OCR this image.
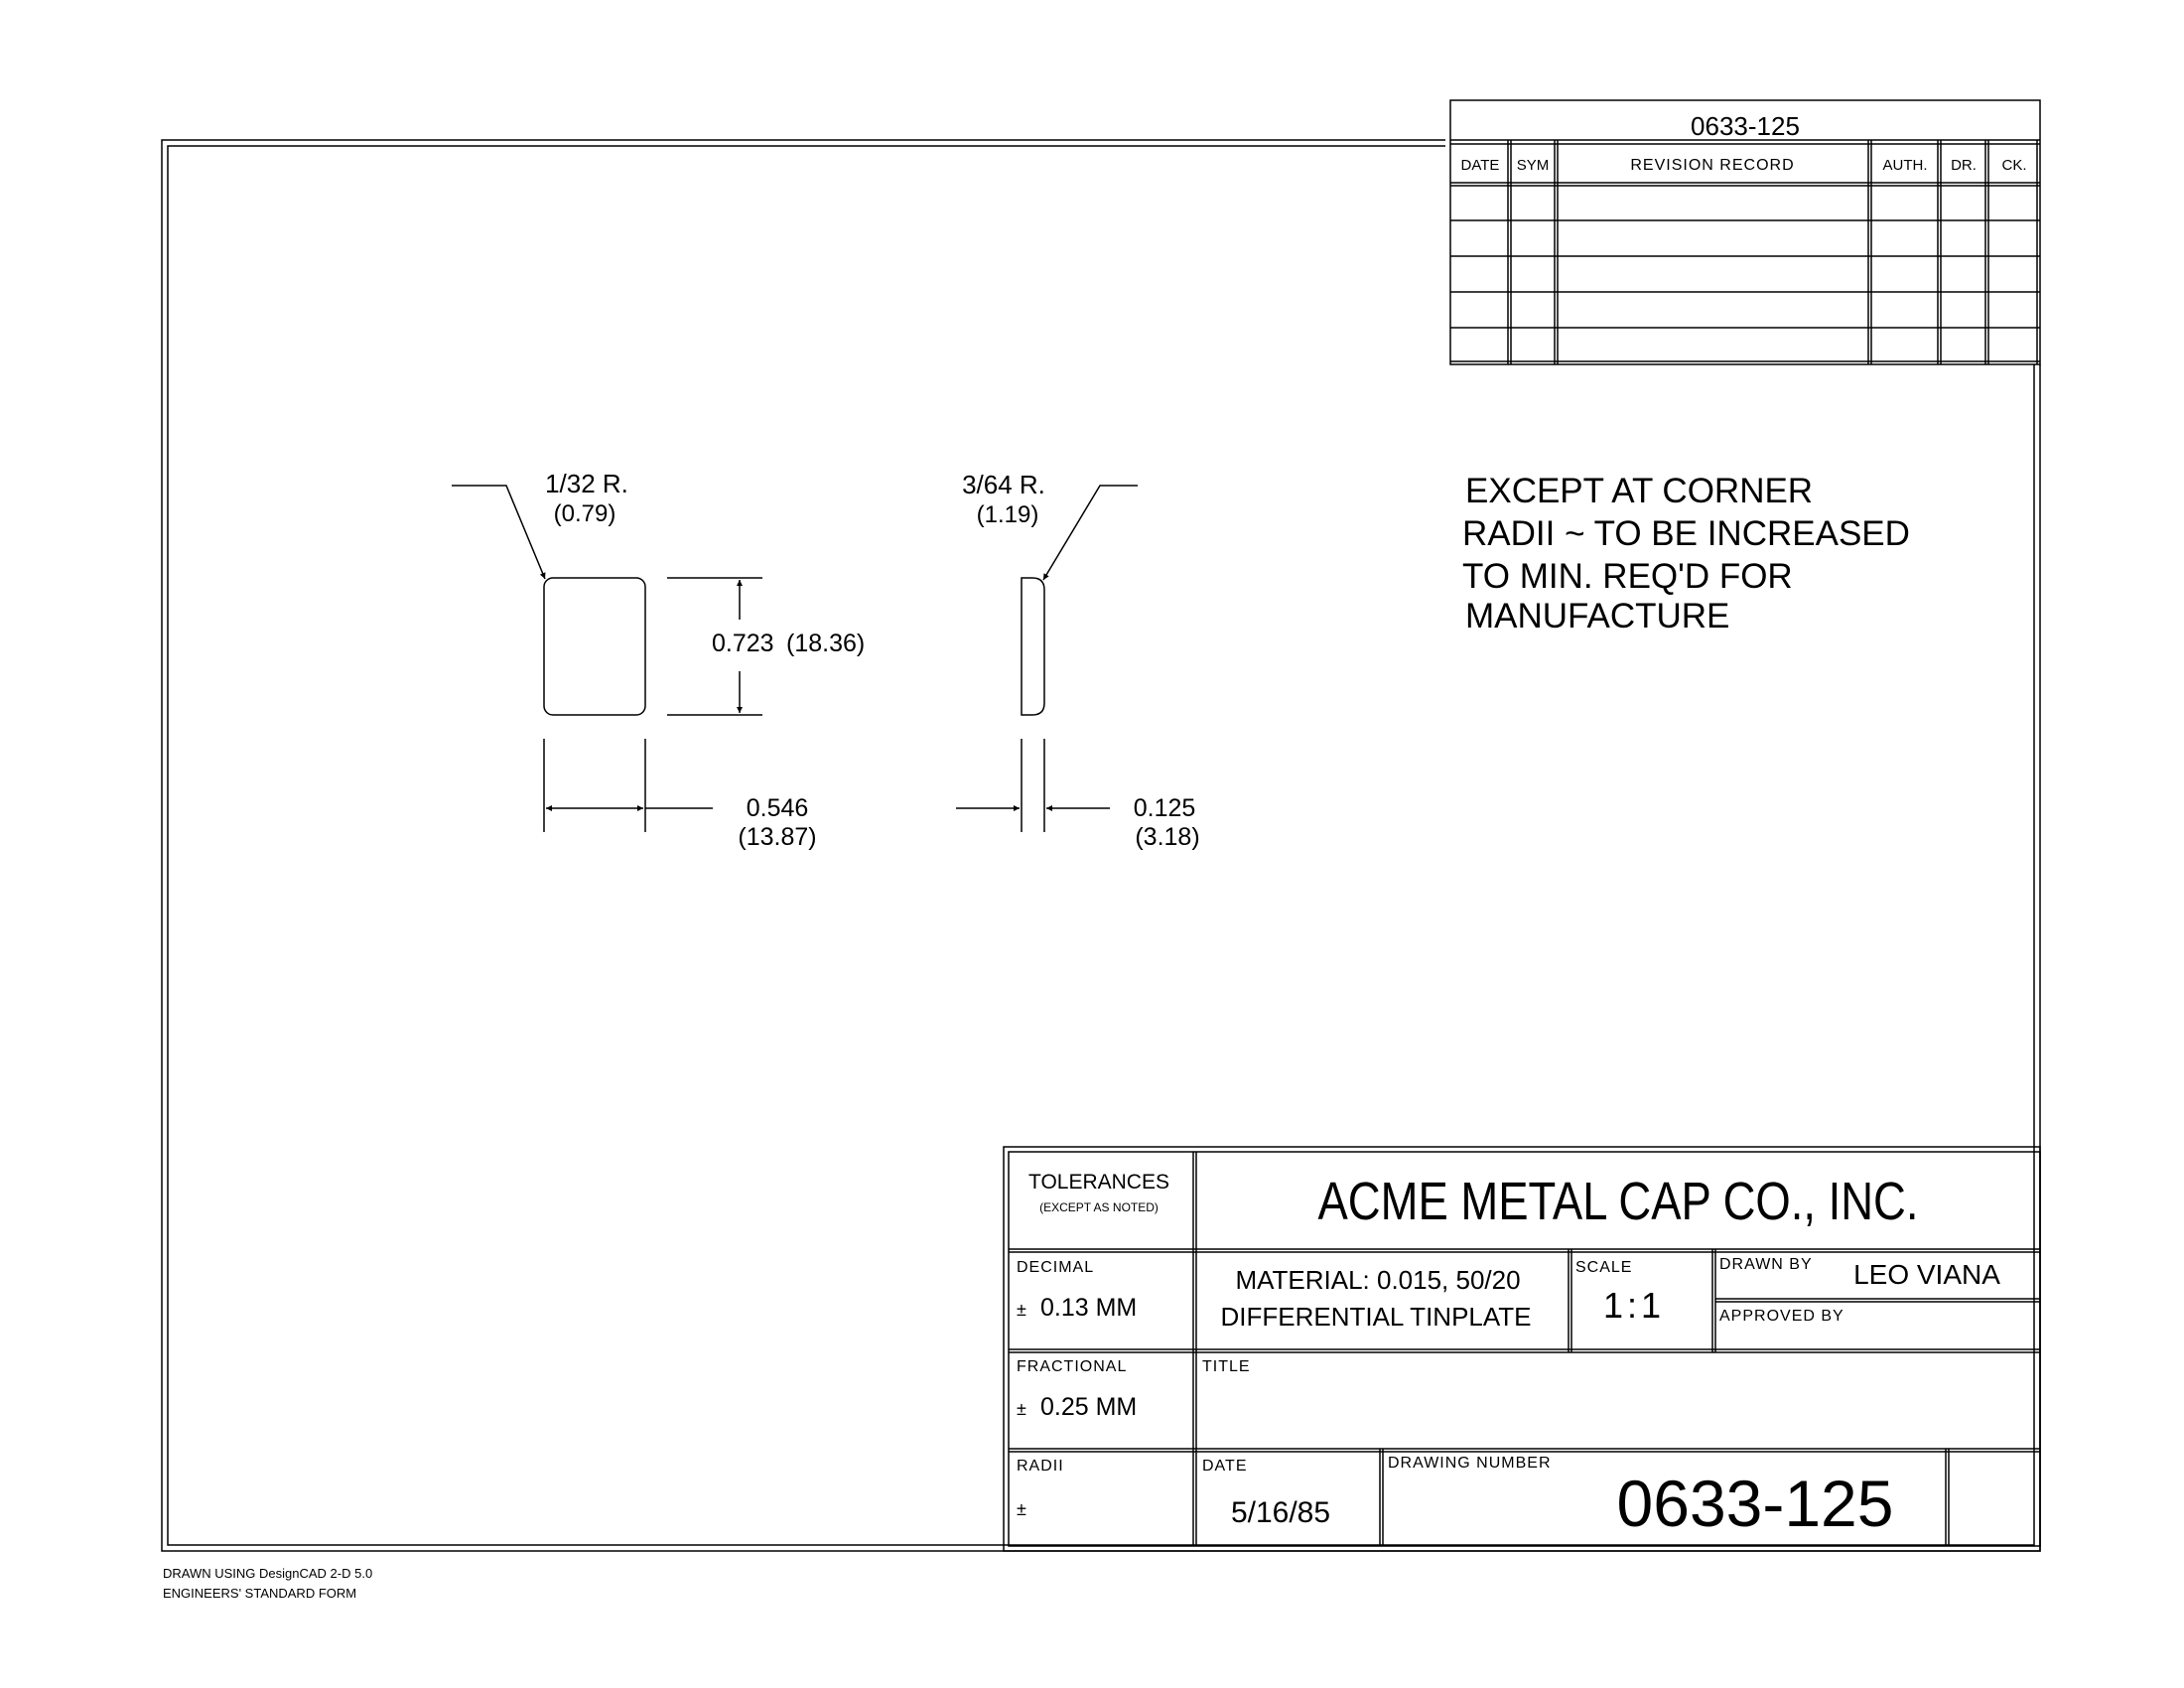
0633-125
DATE SYM	REVISION RECORD	AUTH. DR. CK.
1/32 R.
(0.79)
0.723 (18.36)
0.546
(13.87)
3/64 R.
(1.19)
0.125
(3.18)
EXCEPT AT CORNER
RADII ~ TO BE INCREASED
TO MIN. REQ'D FOR
MANUFACTURE
TOLERANCES
(EXCEPT AS NOTED)	ACME METAL CAP CO., INC.
DECIMAL
± 0.13 MM
MATERIAL: 0.015, 50/20
DIFFERENTIAL TINPLATE
SCALE
1:1
DRAWN BY LEO VIANA
APPROVED BY
FRACTIONAL
± 0.25 MM
TITLE
RADII
±
DATE
5/16/85
DRAWING NUMBER
0633-125
DRAWN USING DesignCAD 2-D 5.0
ENGINEERS' STANDARD FORM
